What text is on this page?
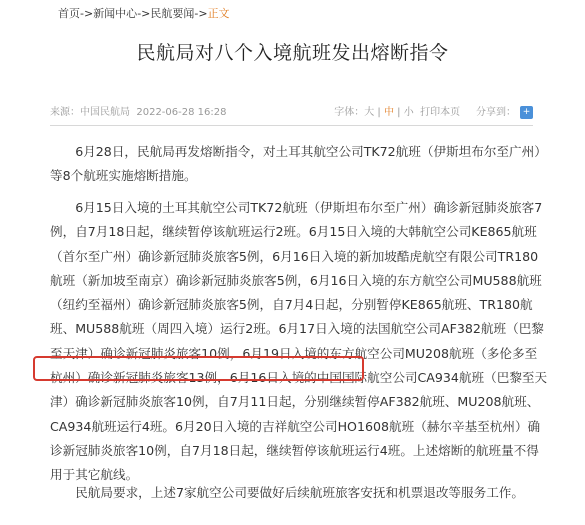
首页->新闻中心->民航要闻->正文
民航局对八个入境航班发出熔断指令
来源：中国民航局 2022-06-28 16:28	字体：大 | 中 | 小 打印本页 分享到： +

6月28日，民航局再发熔断指令，对土耳其航空公司TK72航班（伊斯坦布尔至广州）等8个航班实施熔断措施。

6月15日入境的土耳其航空公司TK72航班（伊斯坦布尔至广州）确诊新冠肺炎旅客7例，自7月18日起，继续暂停该航班运行2班。6月15日入境的大韩航空公司KE865航班（首尔至广州）确诊新冠肺炎旅客5例，6月16日入境的新加坡酷虎航空有限公司TR180航班（新加坡至南京）确诊新冠肺炎旅客5例，6月16日入境的东方航空公司MU588航班（纽约至福州）确诊新冠肺炎旅客5例，自7月4日起，分别暂停KE865航班、TR180航班、MU588航班（周四入境）运行2班。6月17日入境的法国航空公司AF382航班（巴黎至天津）确诊新冠肺炎旅客10例，6月19日入境的东方航空公司MU208航班（多伦多至杭州）确诊新冠肺炎旅客13例，6月16日入境的中国国际航空公司CA934航班（巴黎至天津）确诊新冠肺炎旅客10例，自7月11日起，分别继续暂停AF382航班、MU208航班、CA934航班运行4班。6月20日入境的吉祥航空公司HO1608航班（赫尔辛基至杭州）确诊新冠肺炎旅客10例，自7月18日起，继续暂停该航班运行4班。上述熔断的航班量不得用于其它航线。

民航局要求，上述7家航空公司要做好后续航班旅客安抚和机票退改等服务工作。
